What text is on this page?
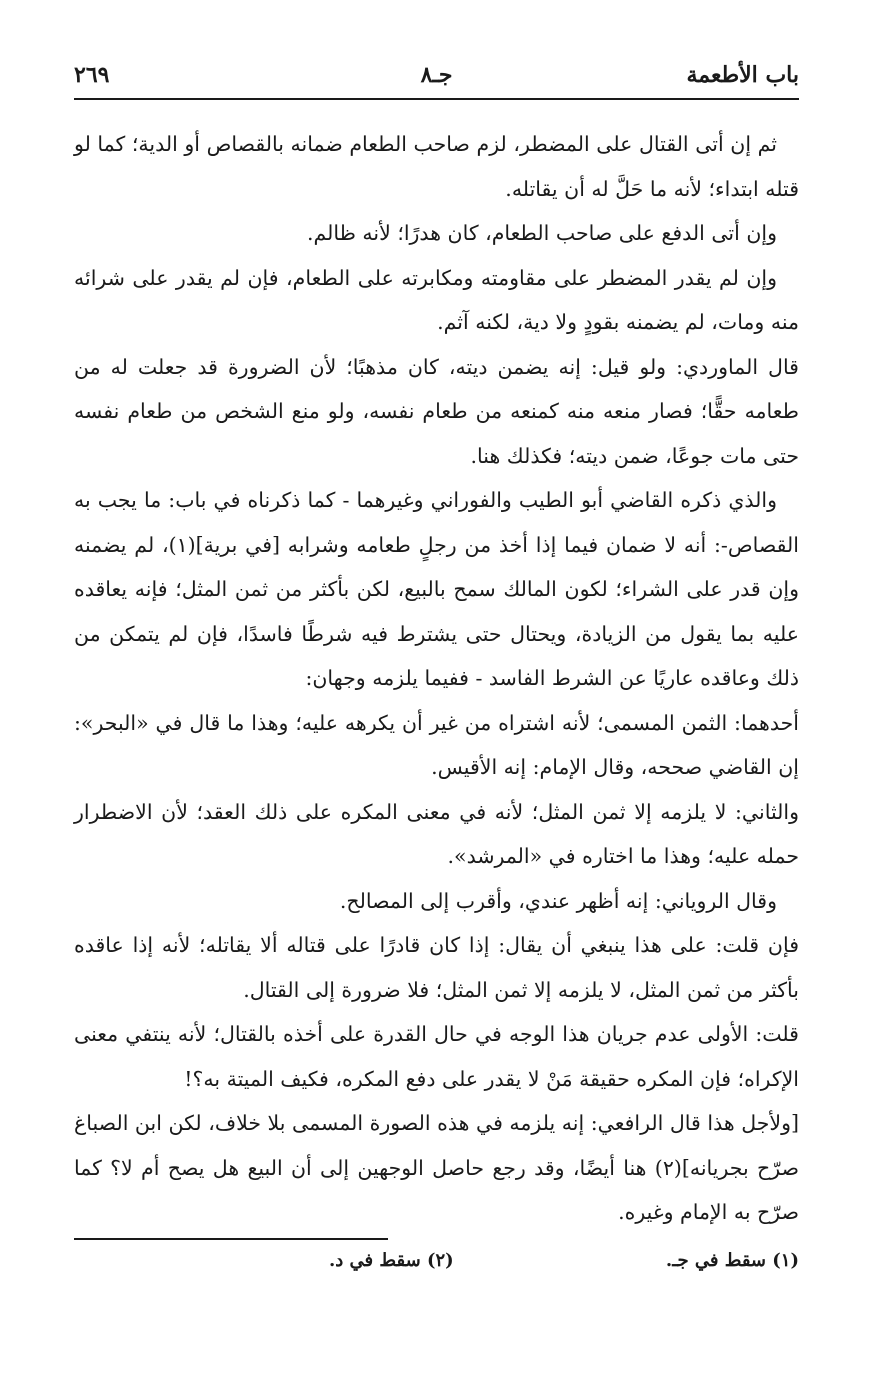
باب الأطعمة
جـ٨
٢٦٩

ثم إن أتى القتال على المضطر، لزم صاحب الطعام ضمانه بالقصاص أو الدية؛ كما لو قتله ابتداء؛ لأنه ما حَلَّ له أن يقاتله.

وإن أتى الدفع على صاحب الطعام، كان هدرًا؛ لأنه ظالم.

وإن لم يقدر المضطر على مقاومته ومكابرته على الطعام، فإن لم يقدر على شرائه منه ومات، لم يضمنه بقودٍ ولا دية، لكنه آثم.

قال الماوردي: ولو قيل: إنه يضمن ديته، كان مذهبًا؛ لأن الضرورة قد جعلت له من طعامه حقًّا؛ فصار منعه منه كمنعه من طعام نفسه، ولو منع الشخص من طعام نفسه حتى مات جوعًا، ضمن ديته؛ فكذلك هنا.

والذي ذكره القاضي أبو الطيب والفوراني وغيرهما - كما ذكرناه في باب: ما يجب به القصاص-: أنه لا ضمان فيما إذا أخذ من رجلٍ طعامه وشرابه [في برية](١)، لم يضمنه وإن قدر على الشراء؛ لكون المالك سمح بالبيع، لكن بأكثر من ثمن المثل؛ فإنه يعاقده عليه بما يقول من الزيادة، ويحتال حتى يشترط فيه شرطًا فاسدًا، فإن لم يتمكن من ذلك وعاقده عاريًا عن الشرط الفاسد - ففيما يلزمه وجهان:

أحدهما: الثمن المسمى؛ لأنه اشتراه من غير أن يكرهه عليه؛ وهذا ما قال في «البحر»: إن القاضي صححه، وقال الإمام: إنه الأقيس.

والثاني: لا يلزمه إلا ثمن المثل؛ لأنه في معنى المكره على ذلك العقد؛ لأن الاضطرار حمله عليه؛ وهذا ما اختاره في «المرشد».

وقال الروياني: إنه أظهر عندي، وأقرب إلى المصالح.

فإن قلت: على هذا ينبغي أن يقال: إذا كان قادرًا على قتاله ألا يقاتله؛ لأنه إذا عاقده بأكثر من ثمن المثل، لا يلزمه إلا ثمن المثل؛ فلا ضرورة إلى القتال.

قلت: الأولى عدم جريان هذا الوجه في حال القدرة على أخذه بالقتال؛ لأنه ينتفي معنى الإكراه؛ فإن المكره حقيقة مَنْ لا يقدر على دفع المكره، فكيف الميتة به؟!

[ولأجل هذا قال الرافعي: إنه يلزمه في هذه الصورة المسمى بلا خلاف، لكن ابن الصباغ صرّح بجريانه](٢) هنا أيضًا، وقد رجع حاصل الوجهين إلى أن البيع هل يصح أم لا؟ كما صرّح به الإمام وغيره.

(١) سقط في جـ.
(٢) سقط في د.
